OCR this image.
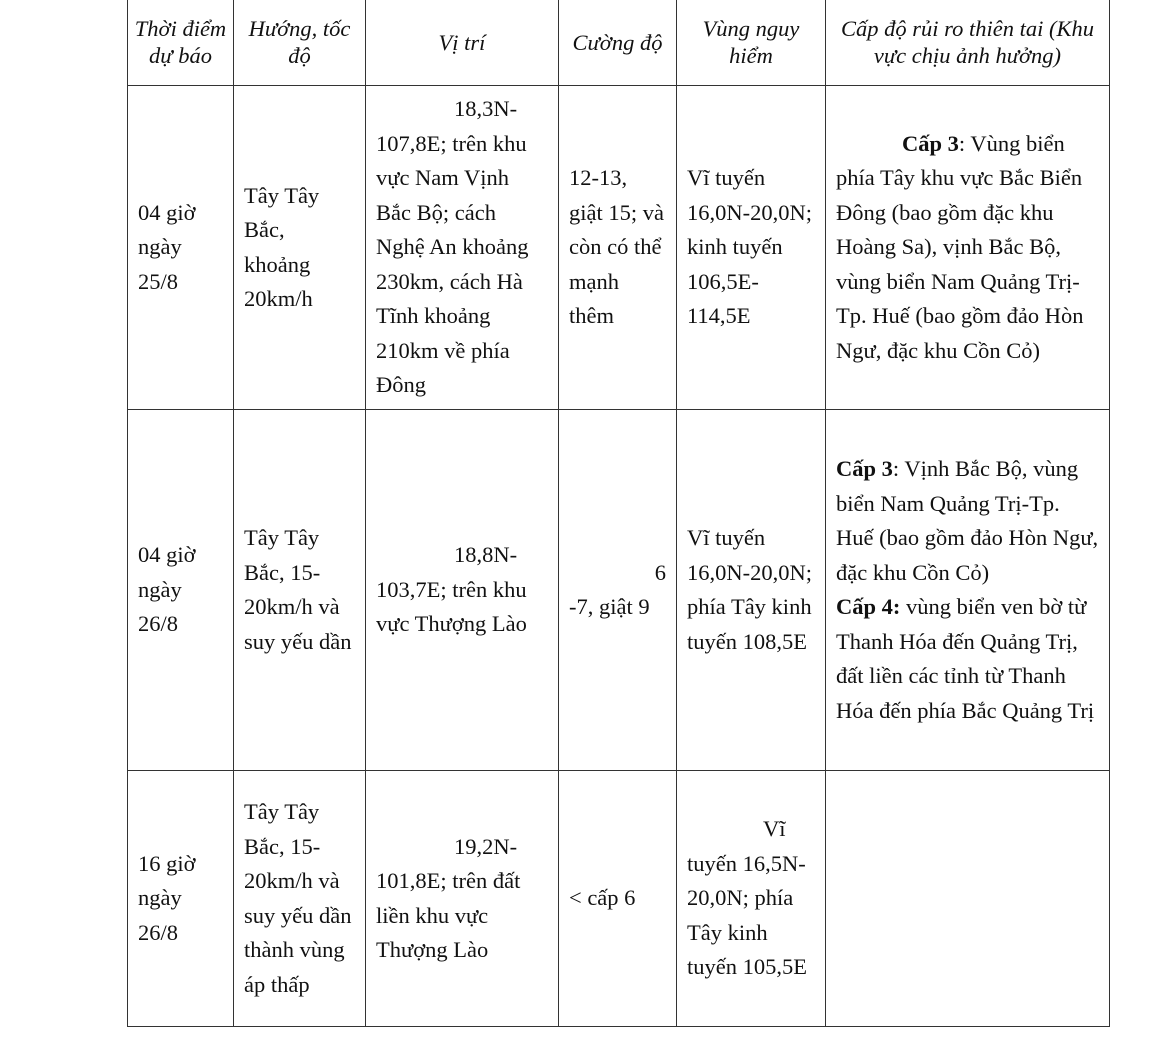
Thời điểm dự báo	Hướng, tốc độ	Vị trí	Cường độ	Vùng nguy hiểm	Cấp độ rủi ro thiên tai (Khu vực chịu ảnh hưởng)
04 giờ ngày 25/8	Tây Tây Bắc, khoảng 20km/h	18,3N-
107,8E; trên khu vực Nam Vịnh Bắc Bộ; cách Nghệ An khoảng 230km, cách Hà Tĩnh khoảng 210km về phía Đông	12-13, giật 15; và còn có thể mạnh thêm	Vĩ tuyến 16,0N-20,0N; kinh tuyến 106,5E-114,5E	Cấp 3: Vùng biển phía Tây khu vực Bắc Biển Đông (bao gồm đặc khu Hoàng Sa), vịnh Bắc Bộ, vùng biển Nam Quảng Trị-Tp. Huế (bao gồm đảo Hòn Ngư, đặc khu Cồn Cỏ)
04 giờ ngày 26/8	Tây Tây Bắc, 15-20km/h và suy yếu dần	18,8N-
103,7E; trên khu vực Thượng Lào	6
-7, giật 9	Vĩ tuyến 16,0N-20,0N; phía Tây kinh tuyến 108,5E	Cấp 3: Vịnh Bắc Bộ, vùng biển Nam Quảng Trị-Tp. Huế (bao gồm đảo Hòn Ngư, đặc khu Cồn Cỏ)
Cấp 4: vùng biển ven bờ từ Thanh Hóa đến Quảng Trị, đất liền các tỉnh từ Thanh Hóa đến phía Bắc Quảng Trị
16 giờ ngày 26/8	Tây Tây Bắc, 15-20km/h và suy yếu dần thành vùng áp thấp	19,2N-
101,8E; trên đất liền khu vực Thượng Lào	< cấp 6	Vĩ
tuyến 16,5N-20,0N; phía Tây kinh tuyến 105,5E	
